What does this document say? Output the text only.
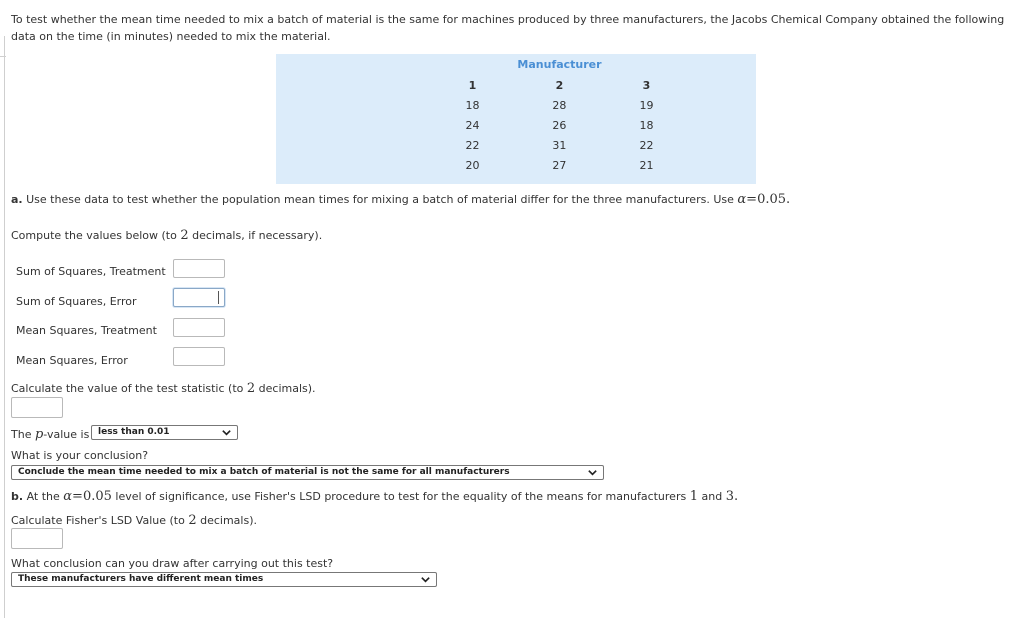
To test whether the mean time needed to mix a batch of material is the same for machines produced by three manufacturers, the Jacobs Chemical Company obtained the following data on the time (in minutes) needed to mix the material.
	Manufacturer			
	1	2	3	
	18	28	19	
	24	26	18	
	22	31	22	
	20	27	21	
a. Use these data to test whether the population mean times for mixing a batch of material differ for the three manufacturers. Use α=0.05.
Compute the values below (to 2 decimals, if necessary).
Sum of Squares, Treatment
Sum of Squares, Error
Mean Squares, Treatment
Mean Squares, Error
Calculate the value of the test statistic (to 2 decimals).
The p-value is less than 0.01
What is your conclusion?
Conclude the mean time needed to mix a batch of material is not the same for all manufacturers
b. At the α=0.05 level of significance, use Fisher's LSD procedure to test for the equality of the means for manufacturers 1 and 3.
Calculate Fisher's LSD Value (to 2 decimals).
What conclusion can you draw after carrying out this test?
These manufacturers have different mean times
